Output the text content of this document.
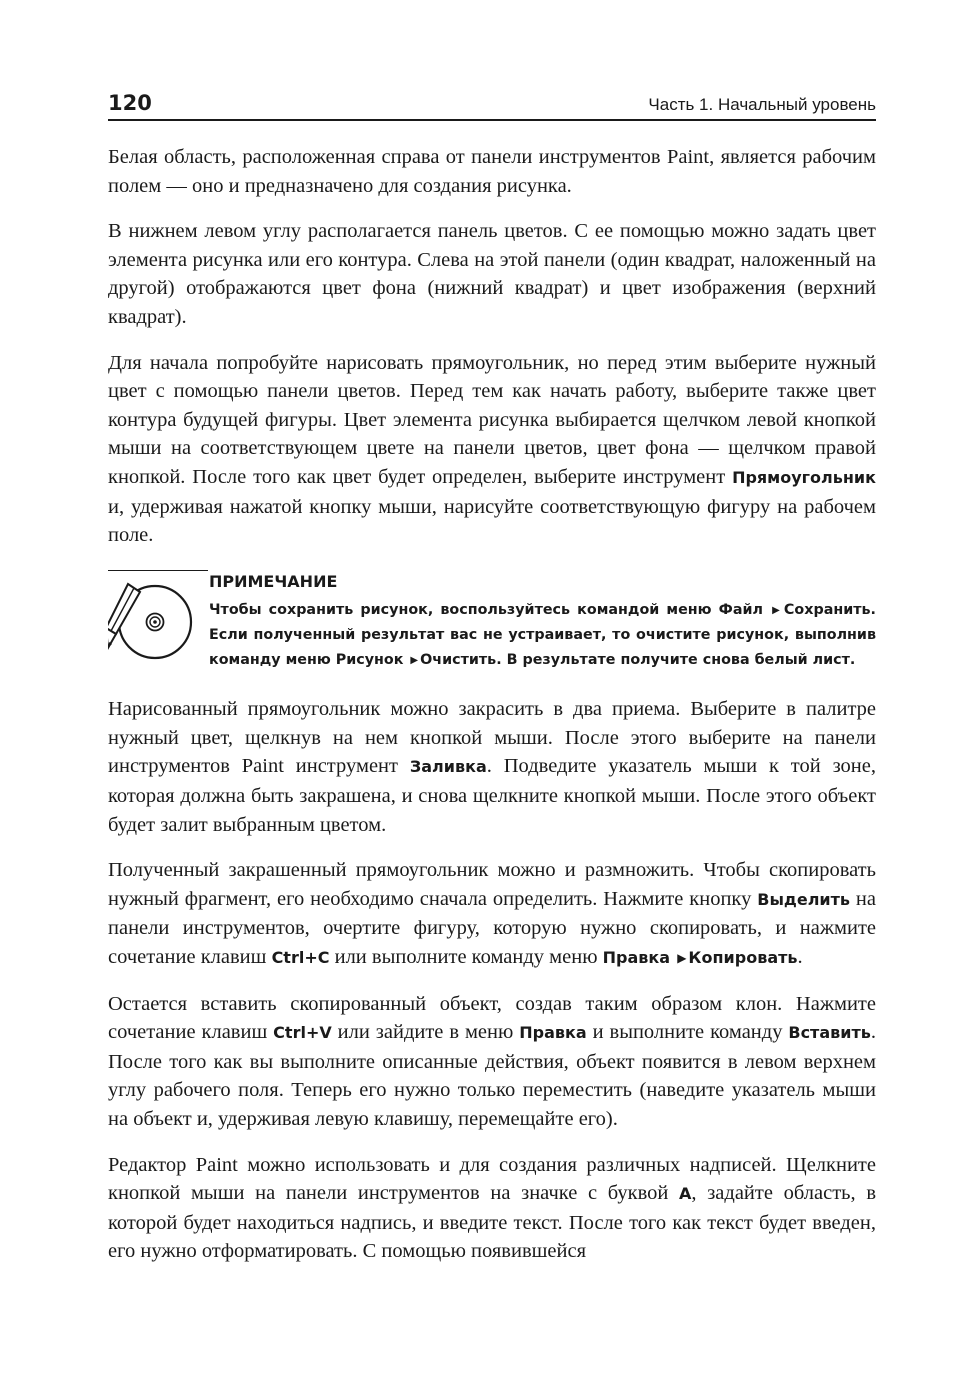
120	Часть 1. Начальный уровень

Белая область, расположенная справа от панели инструментов Paint, является рабочим полем — оно и предназначено для создания рисунка.

В нижнем левом углу располагается панель цветов. С ее помощью можно задать цвет элемента рисунка или его контура. Слева на этой панели (один квадрат, наложенный на другой) отображаются цвет фона (нижний квадрат) и цвет изображения (верхний квадрат).

Для начала попробуйте нарисовать прямоугольник, но перед этим выберите нужный цвет с помощью панели цветов. Перед тем как начать работу, выберите также цвет контура будущей фигуры. Цвет элемента рисунка выбирается щелчком левой кнопкой мыши на соответствующем цвете на панели цветов, цвет фона — щелчком правой кнопкой. После того как цвет будет определен, выберите инструмент Прямоугольник и, удерживая нажатой кнопку мыши, нарисуйте соответствующую фигуру на рабочем поле.

ПРИМЕЧАНИЕ

Чтобы сохранить рисунок, воспользуйтесь командой меню Файл ▶ Сохранить. Если полученный результат вас не устраивает, то очистите рисунок, выполнив команду меню Рисунок ▶ Очистить. В результате получите снова белый лист.

Нарисованный прямоугольник можно закрасить в два приема. Выберите в палитре нужный цвет, щелкнув на нем кнопкой мыши. После этого выберите на панели инструментов Paint инструмент Заливка. Подведите указатель мыши к той зоне, которая должна быть закрашена, и снова щелкните кнопкой мыши. После этого объект будет залит выбранным цветом.

Полученный закрашенный прямоугольник можно и размножить. Чтобы скопировать нужный фрагмент, его необходимо сначала определить. Нажмите кнопку Выделить на панели инструментов, очертите фигуру, которую нужно скопировать, и нажмите сочетание клавиш Ctrl+C или выполните команду меню Правка ▶ Копировать.

Остается вставить скопированный объект, создав таким образом клон. Нажмите сочетание клавиш Ctrl+V или зайдите в меню Правка и выполните команду Вставить. После того как вы выполните описанные действия, объект появится в левом верхнем углу рабочего поля. Теперь его нужно только переместить (наведите указатель мыши на объект и, удерживая левую клавишу, перемещайте его).

Редактор Paint можно использовать и для создания различных надписей. Щелкните кнопкой мыши на панели инструментов на значке с буквой А, задайте область, в которой будет находиться надпись, и введите текст. После того как текст будет введен, его нужно отформатировать. С помощью появившейся
